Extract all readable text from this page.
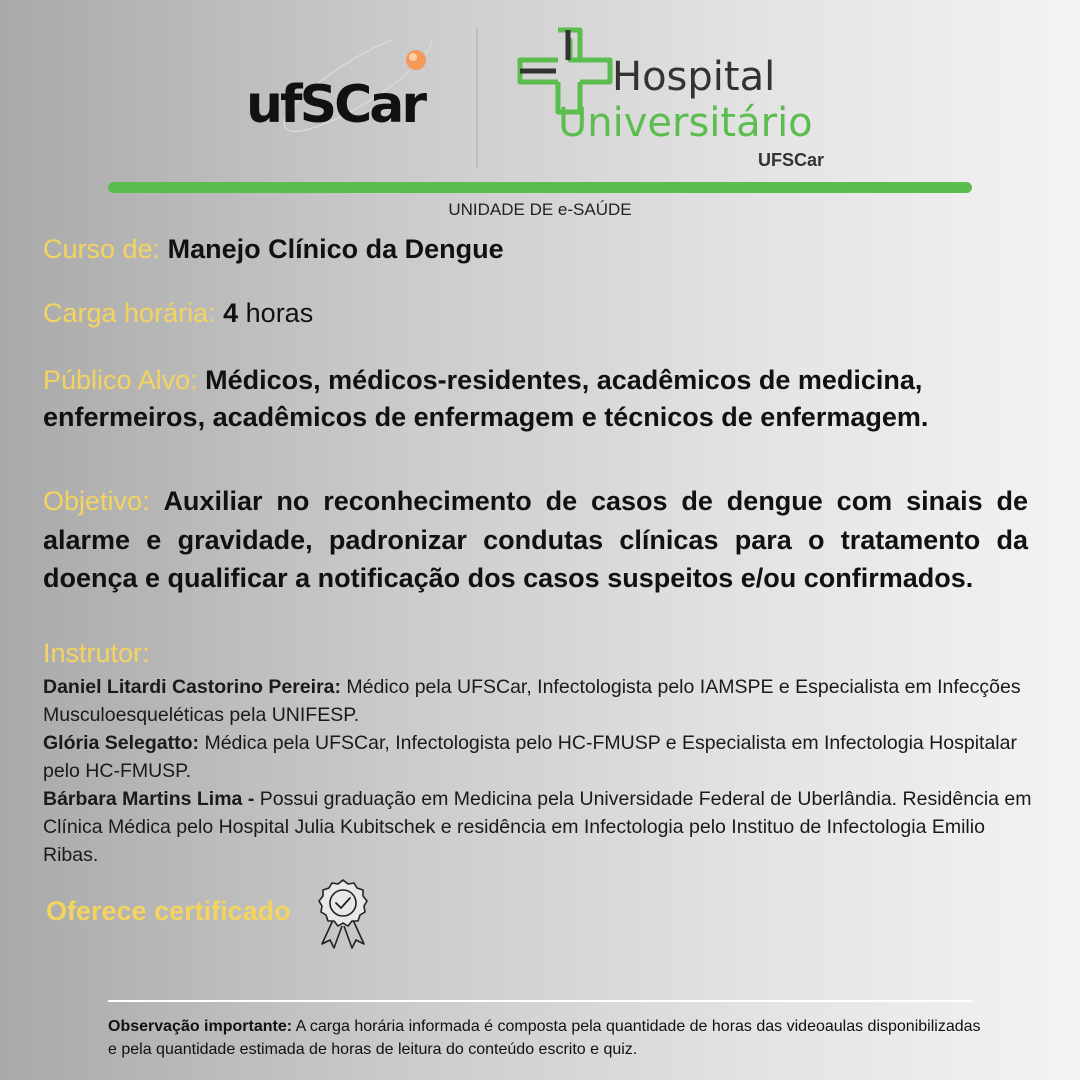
ufSCar	Hospital
Universitário
UFSCar
UNIDADE DE e-SAÚDE
Curso de: Manejo Clínico da Dengue
Carga horária: 4 horas
Público Alvo: Médicos, médicos-residentes, acadêmicos de medicina, enfermeiros, acadêmicos de enfermagem e técnicos de enfermagem.
Objetivo: Auxiliar no reconhecimento de casos de dengue com sinais de alarme e gravidade, padronizar condutas clínicas para o tratamento da doença e qualificar a notificação dos casos suspeitos e/ou confirmados.
Instrutor:

Daniel Litardi Castorino Pereira: Médico pela UFSCar, Infectologista pelo IAMSPE e Especialista em Infecções Musculoesqueléticas pela UNIFESP.

Glória Selegatto: Médica pela UFSCar, Infectologista pelo HC-FMUSP e Especialista em Infectologia Hospitalar pelo HC-FMUSP.

Bárbara Martins Lima - Possui graduação em Medicina pela Universidade Federal de Uberlândia. Residência em Clínica Médica pelo Hospital Julia Kubitschek e residência em Infectologia pelo Instituo de Infectologia Emilio Ribas.

Oferece certificado
Observação importante: A carga horária informada é composta pela quantidade de horas das videoaulas disponibilizadas e pela quantidade estimada de horas de leitura do conteúdo escrito e quiz.
